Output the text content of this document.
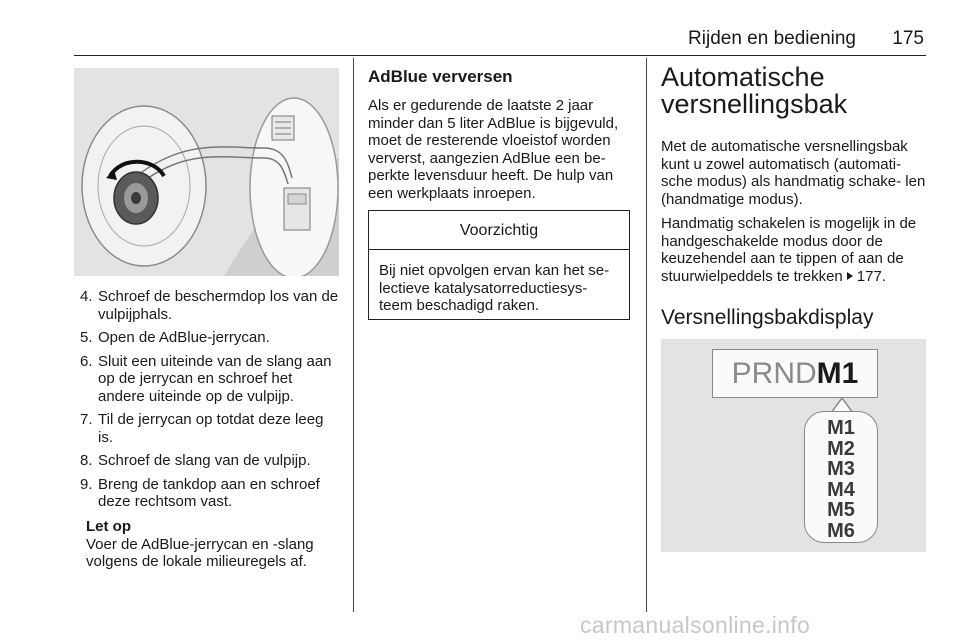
Rijden en bediening 175
4. Schroef de beschermdop los van de vulpijphals.
5. Open de AdBlue-jerrycan.
6. Sluit een uiteinde van de slang aan op de jerrycan en schroef het andere uiteinde op de vulpijp.
7. Til de jerrycan op totdat deze leeg is.
8. Schroef de slang van de vulpijp.
9. Breng de tankdop aan en schroef deze rechtsom vast.
Let op
Voer de AdBlue-jerrycan en -slang volgens de lokale milieuregels af.
AdBlue verversen
Als er gedurende de laatste 2 jaar minder dan 5 liter AdBlue is bijgevuld, moet de resterende vloeistof worden ververst, aangezien AdBlue een be- perkte levensduur heeft. De hulp van een werkplaats inroepen.
Voorzichtig
Bij niet opvolgen ervan kan het se- lectieve katalysatorreductiesys- teem beschadigd raken.
Automatische versnellingsbak
Met de automatische versnellingsbak kunt u zowel automatisch (automati- sche modus) als handmatig schake- len (handmatige modus).
Handmatig schakelen is mogelijk in de handgeschakelde modus door de keuzehendel aan te tippen of aan de stuurwielpeddels te trekken 177.
Versnellingsbakdisplay
PRNDM1
M1
M2
M3
M4
M5
M6
carmanualsonline.info
